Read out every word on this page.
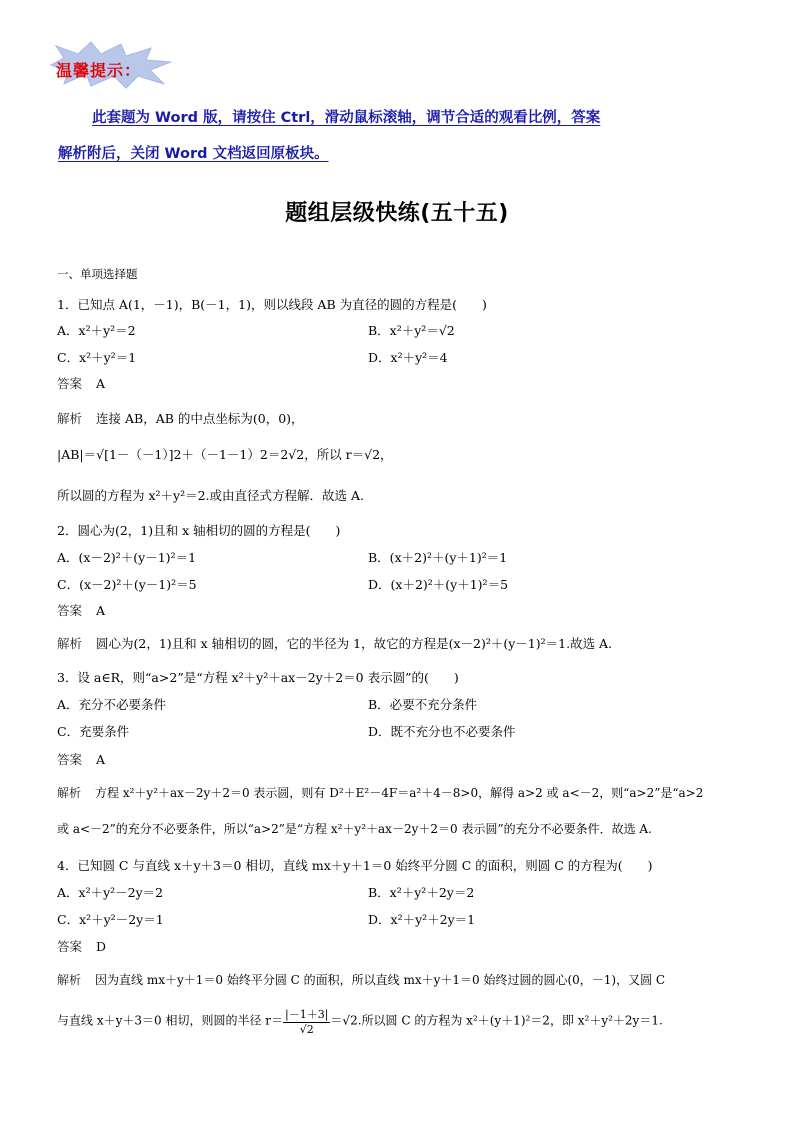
温馨提示：
此套题为 Word 版，请按住 Ctrl，滑动鼠标滚轴，调节合适的观看比例，答案
解析附后，关闭 Word 文档返回原板块。
题组层级快练(五十五)
一、单项选择题
1．已知点 A(1，－1)，B(－1，1)，则以线段 AB 为直径的圆的方程是(　　)
A．x²＋y²＝2	B．x²＋y²＝√2
C．x²＋y²＝1	D．x²＋y²＝4
答案 A
解析 连接 AB，AB 的中点坐标为(0，0)，
|AB|＝√[1－（－1）]2＋（－1－1）2＝2√2，所以 r＝√2，
所以圆的方程为 x²＋y²＝2.或由直径式方程解．故选 A.
2．圆心为(2，1)且和 x 轴相切的圆的方程是(　　)
A．(x－2)²＋(y－1)²＝1	B．(x＋2)²＋(y＋1)²＝1
C．(x－2)²＋(y－1)²＝5	D．(x＋2)²＋(y＋1)²＝5
答案 A
解析 圆心为(2，1)且和 x 轴相切的圆，它的半径为 1，故它的方程是(x－2)²＋(y－1)²＝1.故选 A.
3．设 a∈R，则“a>2”是“方程 x²＋y²＋ax－2y＋2＝0 表示圆”的(　　)
A．充分不必要条件	B．必要不充分条件
C．充要条件	D．既不充分也不必要条件
答案 A
解析 方程 x²＋y²＋ax－2y＋2＝0 表示圆，则有 D²＋E²－4F＝a²＋4－8>0，解得 a>2 或 a<－2，则“a>2”是“a>2
或 a<－2”的充分不必要条件，所以“a>2”是“方程 x²＋y²＋ax－2y＋2＝0 表示圆”的充分不必要条件．故选 A.
4．已知圆 C 与直线 x＋y＋3＝0 相切，直线 mx＋y＋1＝0 始终平分圆 C 的面积，则圆 C 的方程为(　　)
A．x²＋y²－2y＝2	B．x²＋y²＋2y＝2
C．x²＋y²－2y＝1	D．x²＋y²＋2y＝1
答案 D
解析 因为直线 mx＋y＋1＝0 始终平分圆 C 的面积，所以直线 mx＋y＋1＝0 始终过圆的圆心(0，－1)，又圆 C
与直线 x＋y＋3＝0 相切，则圆的半径 $r= \frac{|-1+3|}{√2} =√2$.所以圆 C 的方程为 x²＋(y＋1)²＝2，即 x²＋y²＋2y＝1.
